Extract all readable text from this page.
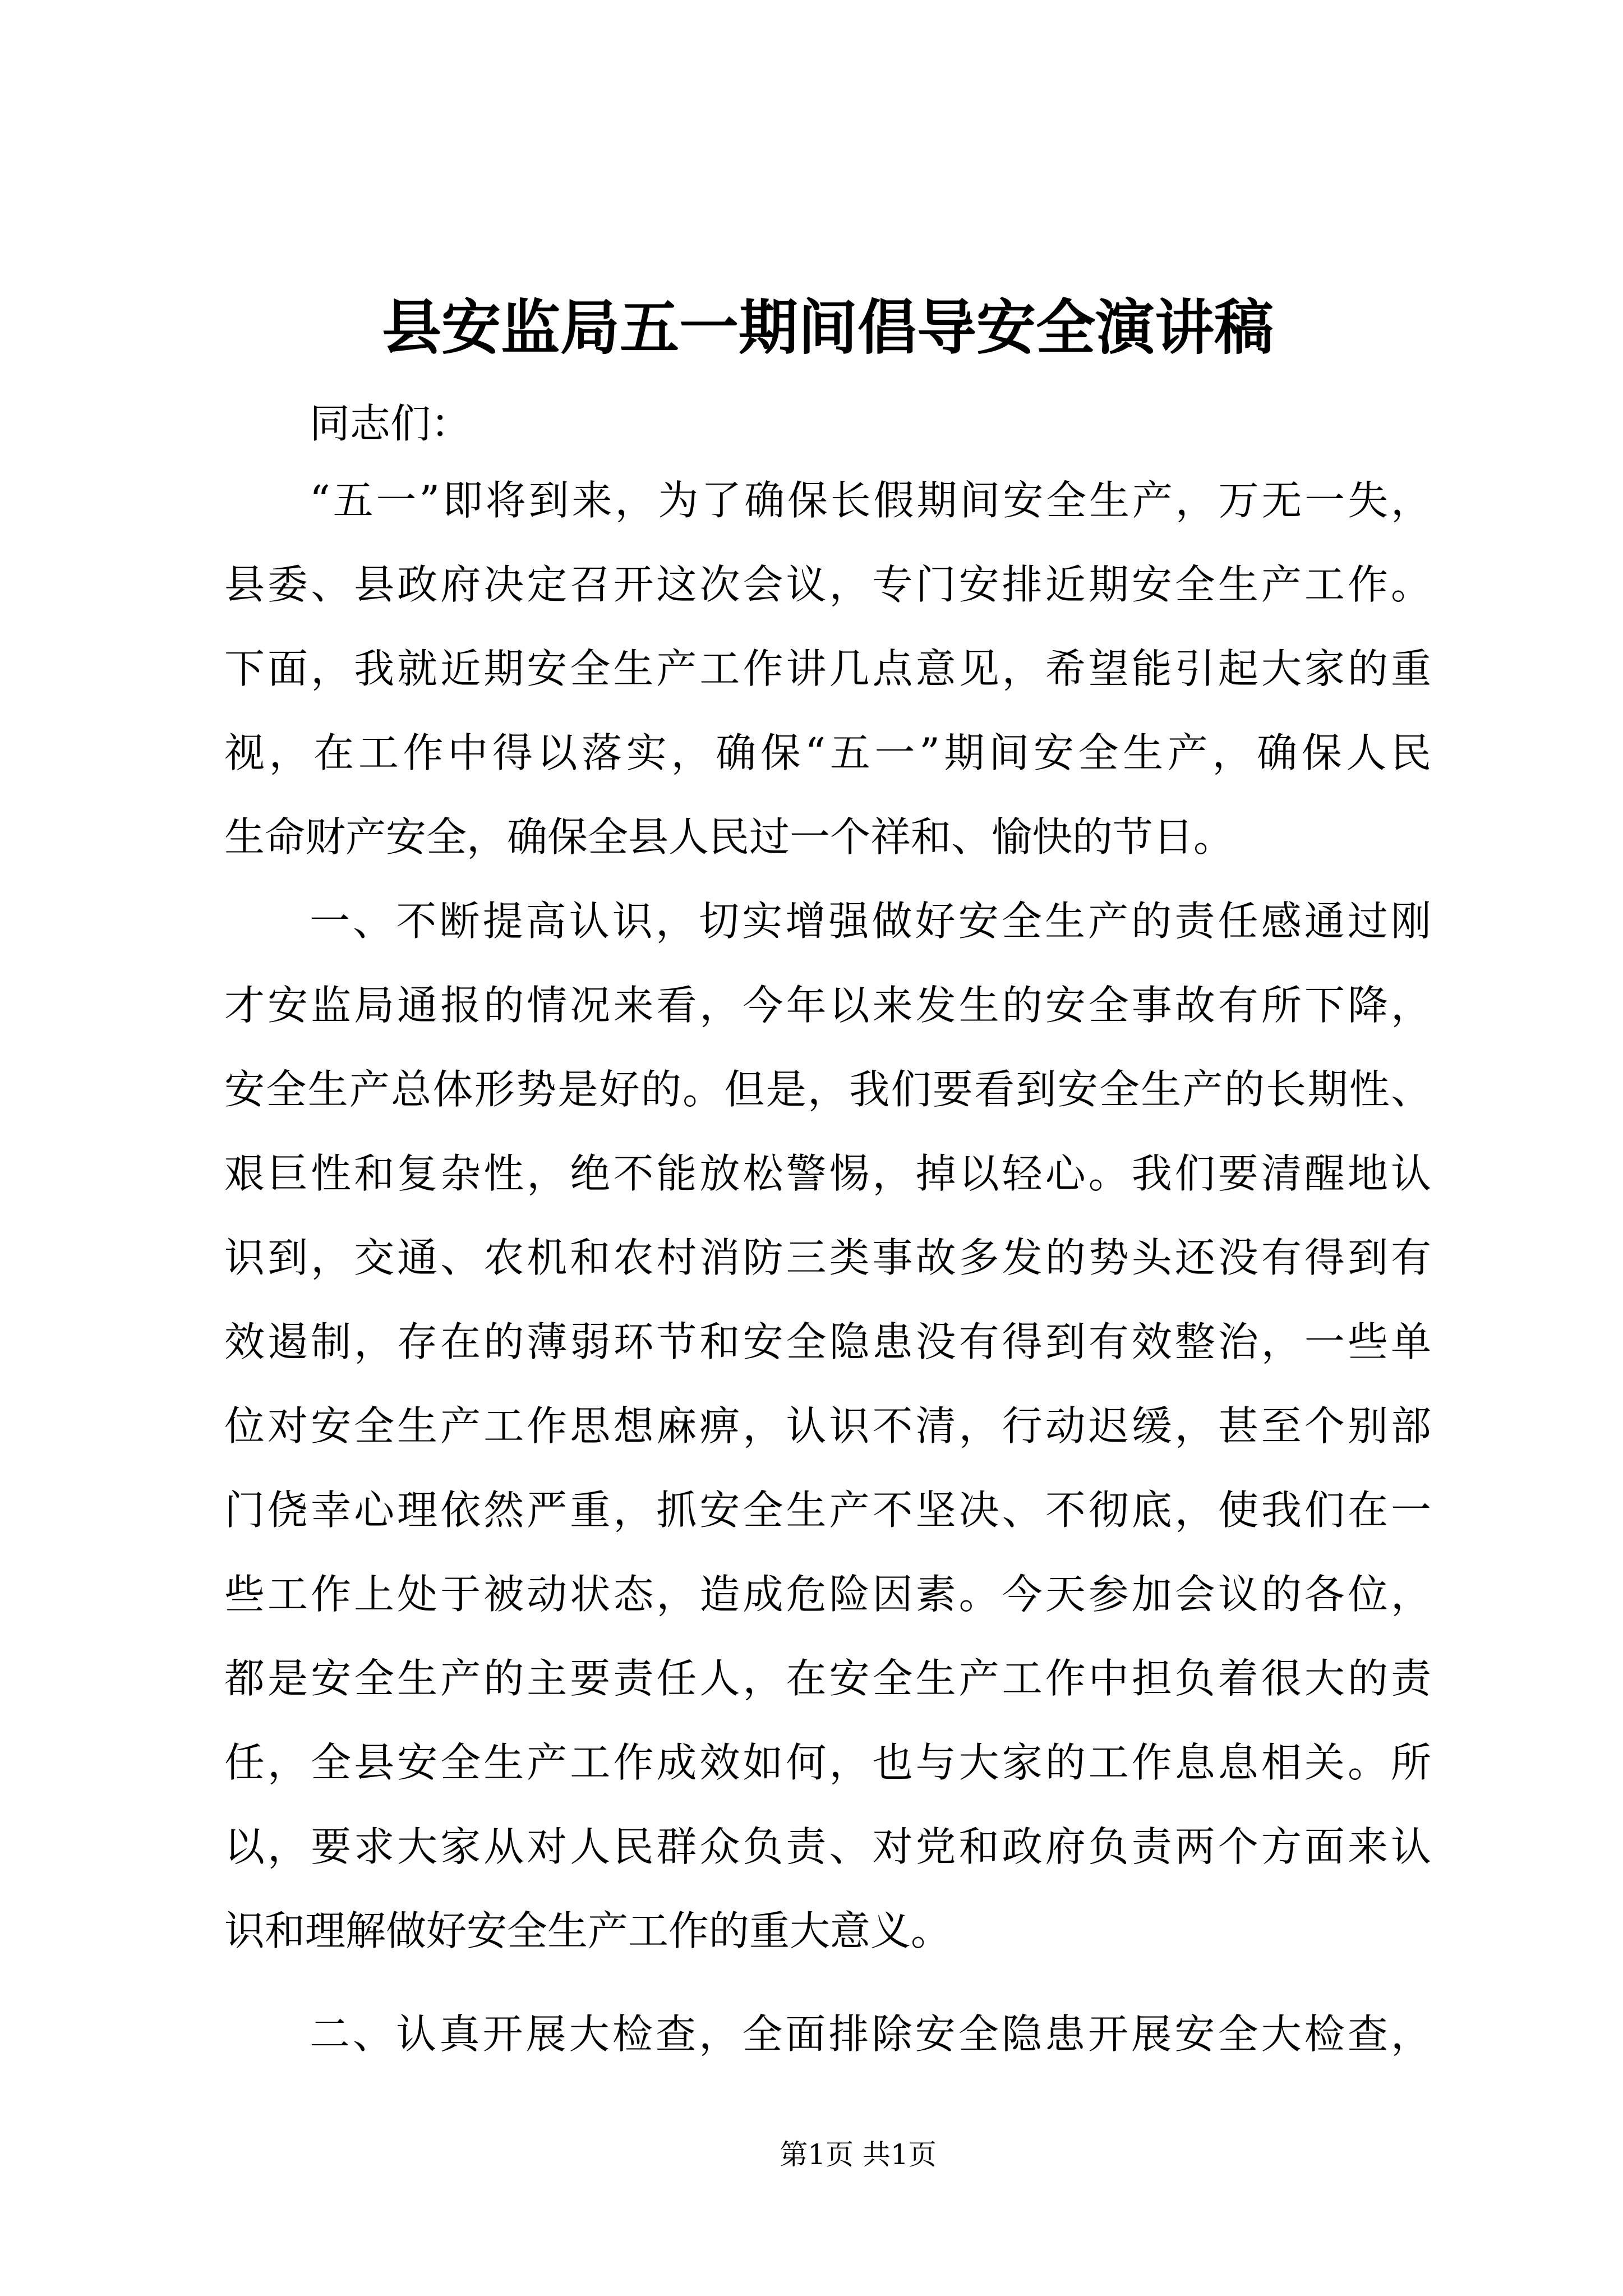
县安监局五一期间倡导安全演讲稿
同志们：
“五一”即将到来，为了确保长假期间安全生产，万无一失，
县委、县政府决定召开这次会议，专门安排近期安全生产工作。
下面，我就近期安全生产工作讲几点意见，希望能引起大家的重
视，在工作中得以落实，确保“五一”期间安全生产，确保人民
生命财产安全，确保全县人民过一个祥和、愉快的节日。
一、不断提高认识，切实增强做好安全生产的责任感通过刚
才安监局通报的情况来看，今年以来发生的安全事故有所下降，
安全生产总体形势是好的。但是，我们要看到安全生产的长期性、
艰巨性和复杂性，绝不能放松警惕，掉以轻心。我们要清醒地认
识到，交通、农机和农村消防三类事故多发的势头还没有得到有
效遏制，存在的薄弱环节和安全隐患没有得到有效整治，一些单
位对安全生产工作思想麻痹，认识不清，行动迟缓，甚至个别部
门侥幸心理依然严重，抓安全生产不坚决、不彻底，使我们在一
些工作上处于被动状态，造成危险因素。今天参加会议的各位，
都是安全生产的主要责任人，在安全生产工作中担负着很大的责
任，全县安全生产工作成效如何，也与大家的工作息息相关。所
以，要求大家从对人民群众负责、对党和政府负责两个方面来认
识和理解做好安全生产工作的重大意义。
二、认真开展大检查，全面排除安全隐患开展安全大检查，
第1页 共1页
